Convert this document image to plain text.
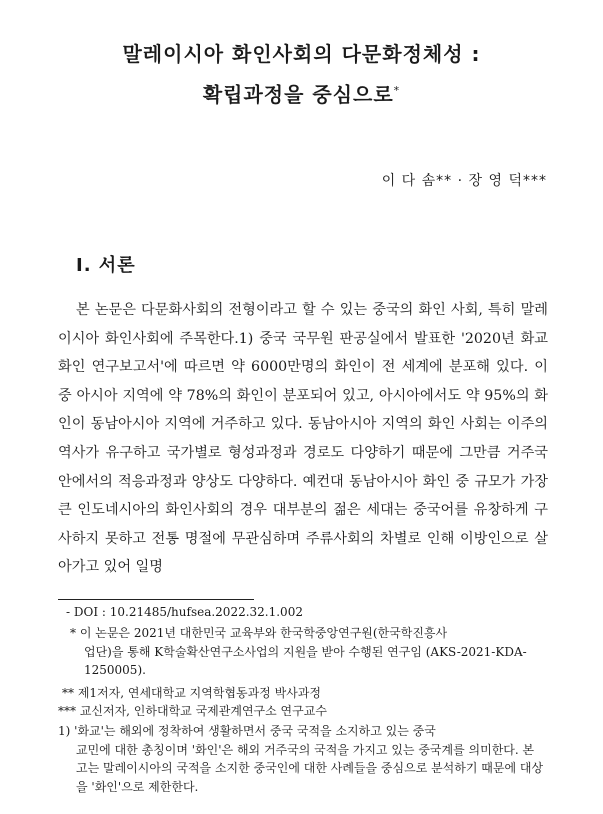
말레이시아 화인사회의 다문화정체성 :
확립과정을 중심으로*
이 다 솜** · 장 영 덕***
Ⅰ. 서론

본 논문은 다문화사회의 전형이라고 할 수 있는 중국의 화인 사회, 특히 말레이시아 화인사회에 주목한다.1) 중국 국무원 판공실에서 발표한 '2020년 화교화인 연구보고서'에 따르면 약 6000만명의 화인이 전 세계에 분포해 있다. 이 중 아시아 지역에 약 78%의 화인이 분포되어 있고, 아시아에서도 약 95%의 화인이 동남아시아 지역에 거주하고 있다. 동남아시아 지역의 화인 사회는 이주의 역사가 유구하고 국가별로 형성과정과 경로도 다양하기 때문에 그만큼 거주국 안에서의 적응과정과 양상도 다양하다. 예컨대 동남아시아 화인 중 규모가 가장 큰 인도네시아의 화인사회의 경우 대부분의 젊은 세대는 중국어를 유창하게 구사하지 못하고 전통 명절에 무관심하며 주류사회의 차별로 인해 이방인으로 살아가고 있어 일명

- DOI : 10.21485/hufsea.2022.32.1.002
* 이 논문은 2021년 대한민국 교육부와 한국학중앙연구원(한국학진흥사
업단)을 통해 K학술확산연구소사업의 지원을 받아 수행된 연구임 (AKS-2021-KDA-1250005).
** 제1저자, 연세대학교 지역학협동과정 박사과정
*** 교신저자, 인하대학교 국제관계연구소 연구교수
1) '화교'는 해외에 정착하여 생활하면서 중국 국적을 소지하고 있는 중국
교민에 대한 총칭이며 '화인'은 해외 거주국의 국적을 가지고 있는 중국계를 의미한다. 본 고는 말레이시아의 국적을 소지한 중국인에 대한 사례들을 중심으로 분석하기 때문에 대상을 '화인'으로 제한한다.
